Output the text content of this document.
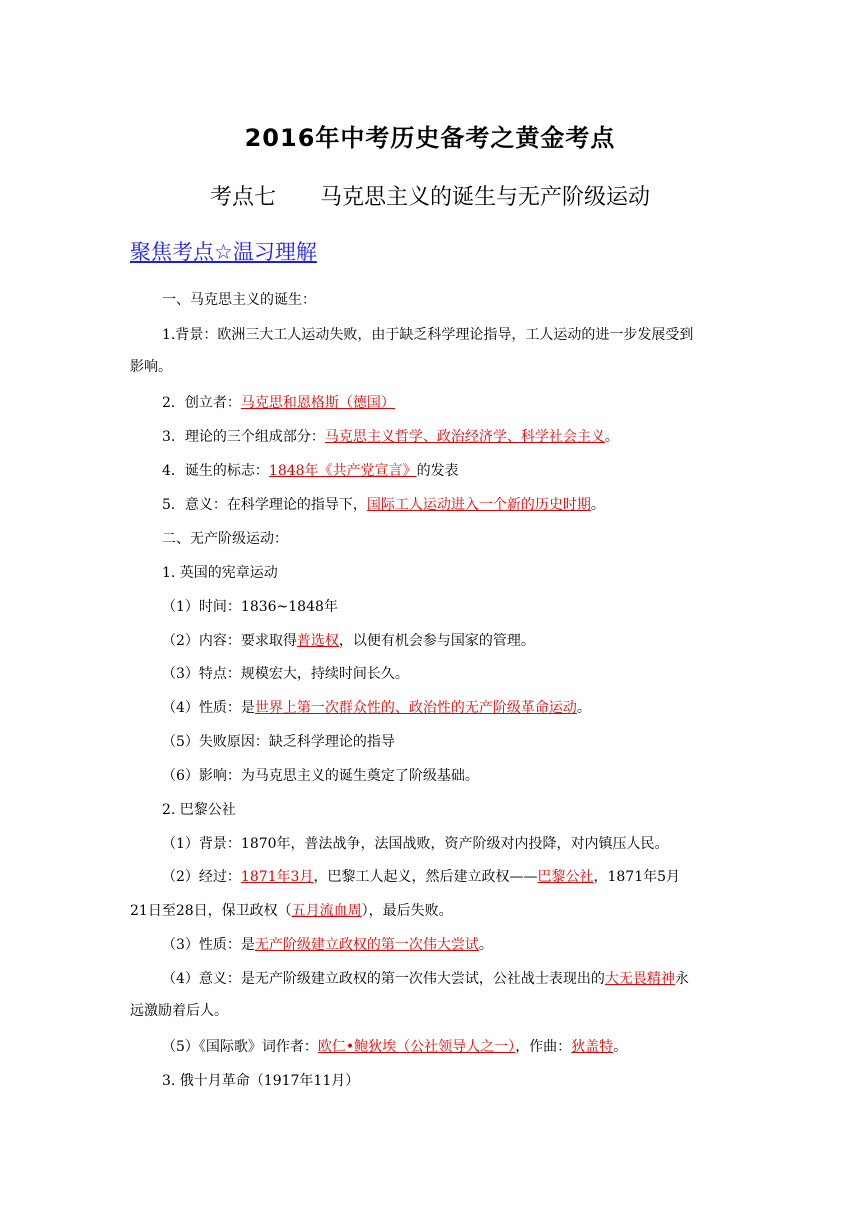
2016年中考历史备考之黄金考点
考点七 马克思主义的诞生与无产阶级运动
聚焦考点☆温习理解
一、马克思主义的诞生：
1.背景：欧洲三大工人运动失败，由于缺乏科学理论指导，工人运动的进一步发展受到
影响。
2．创立者：马克思和恩格斯（德国）
3．理论的三个组成部分：马克思主义哲学、政治经济学、科学社会主义。
4．诞生的标志：1848年《共产党宣言》的发表
5．意义：在科学理论的指导下，国际工人运动进入一个新的历史时期。
二、无产阶级运动：
1. 英国的宪章运动
（1）时间：1836~1848年
（2）内容：要求取得普选权，以便有机会参与国家的管理。
（3）特点：规模宏大，持续时间长久。
（4）性质：是世界上第一次群众性的、政治性的无产阶级革命运动。
（5）失败原因：缺乏科学理论的指导
（6）影响：为马克思主义的诞生奠定了阶级基础。
2. 巴黎公社
（1）背景：1870年，普法战争，法国战败，资产阶级对内投降，对内镇压人民。
（2）经过：1871年3月，巴黎工人起义，然后建立政权——巴黎公社，1871年5月
21日至28日，保卫政权（五月流血周），最后失败。
（3）性质：是无产阶级建立政权的第一次伟大尝试。
（4）意义：是无产阶级建立政权的第一次伟大尝试，公社战士表现出的大无畏精神永
远激励着后人。
（5）《国际歌》词作者：欧仁•鲍狄埃（公社领导人之一），作曲：狄盖特。
3. 俄十月革命（1917年11月）
